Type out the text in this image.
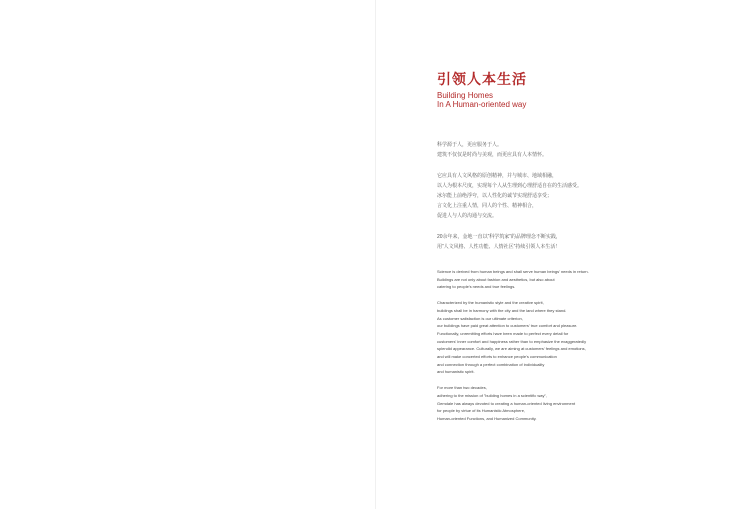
引领人本生活
Building Homes
In A Human-oriented way

科学源于人，更应服务于人。
建筑不仅仅是时尚与美观，而更应具有人本情怀。

它应具有人文风格的原创精神，并与城市、地域相融，
以人为根本尺度，实现每个人从生理到心理舒适自在的生活感受。
冰尔能上前绝浮夸，以人性化的诚节实现舒适享受；
言文化上注重人情，同人的个性、精神相合，
促进人与人的沟通与交流。

20余年来，金地一直以“科学筑家”的品牌理念不断实践，
用“人文风格、人性功能、人情社区”持续引领人本生活！

Science is derived from human beings and shall serve human beings' needs in return.
Buildings are not only about fashion and aesthetics, but also about
catering to people's needs and true feelings.

Characterized by the humanistic style and the creative spirit,
buildings shall be in harmony with the city and the land where they stand.
As customer satisfaction is our ultimate criterion,
our buildings have paid great attention to customers' true comfort and pleasure.
Functionally, unremitting efforts have been made to perfect every detail for
customers' inner comfort and happiness rather than to emphasize the exaggeratedly
splendid appearance. Culturally, we are aiming at customers' feelings and emotions,
and will make concerted efforts to enhance people's communication
and connection through a perfect combination of individuality
and humanistic spirit.

For more than two decades,
adhering to the mission of "building homes in a scientific way",
Gemdale has always devoted to creating a human-oriented living environment
for people by virtue of its Humanistic Atmosphere,
Human-oriented Functions, and Humanized Community.
